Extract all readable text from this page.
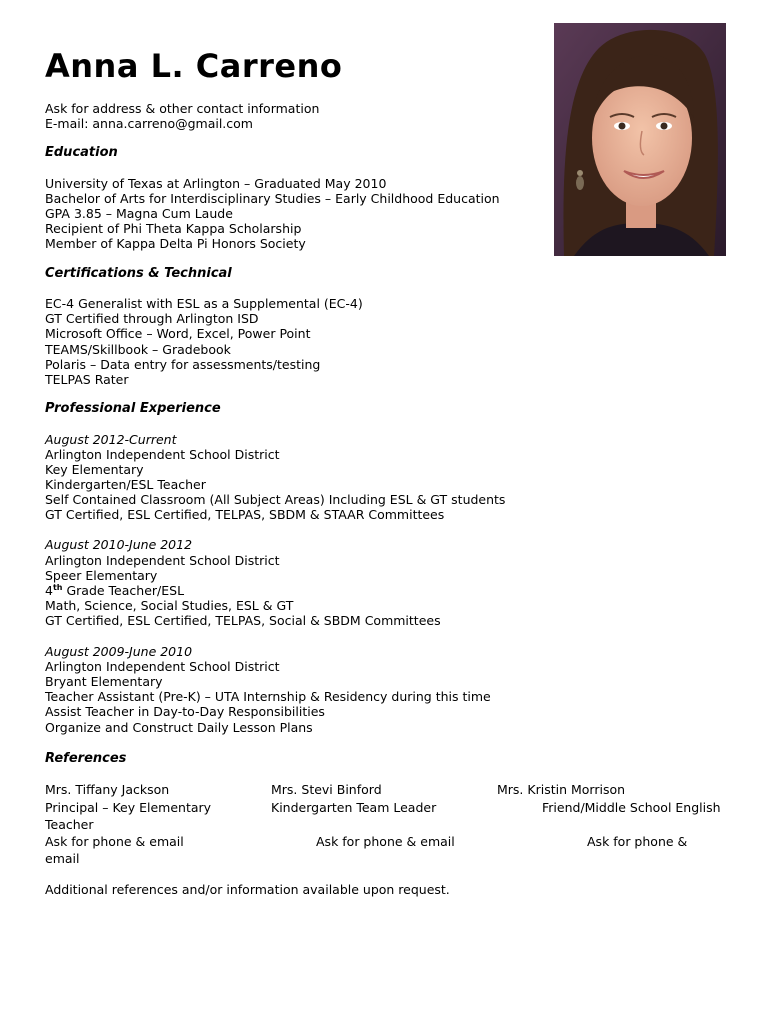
Anna L. Carreno
Ask for address & other contact information
E-mail: anna.carreno@gmail.com
Education
University of Texas at Arlington – Graduated May 2010
Bachelor of Arts for Interdisciplinary Studies – Early Childhood Education
GPA 3.85 – Magna Cum Laude
Recipient of Phi Theta Kappa Scholarship
Member of Kappa Delta Pi Honors Society
Certifications & Technical
EC-4 Generalist with ESL as a Supplemental (EC-4)
GT Certified through Arlington ISD
Microsoft Office – Word, Excel, Power Point
TEAMS/Skillbook – Gradebook
Polaris – Data entry for assessments/testing
TELPAS Rater
Professional Experience
August 2012-Current
Arlington Independent School District
Key Elementary
Kindergarten/ESL Teacher
Self Contained Classroom (All Subject Areas) Including ESL & GT students
GT Certified, ESL Certified, TELPAS, SBDM & STAAR Committees
August 2010-June 2012
Arlington Independent School District
Speer Elementary
4th Grade Teacher/ESL
Math, Science, Social Studies, ESL & GT
GT Certified, ESL Certified, TELPAS, Social & SBDM Committees
August 2009-June 2010
Arlington Independent School District
Bryant Elementary
Teacher Assistant (Pre-K) – UTA Internship & Residency during this time
Assist Teacher in Day-to-Day Responsibilities
Organize and Construct Daily Lesson Plans
References
Mrs. Tiffany Jackson	Mrs. Stevi Binford	Mrs. Kristin Morrison
Principal – Key Elementary	Kindergarten Team Leader	Friend/Middle School English
Teacher
Ask for phone & email	Ask for phone & email	Ask for phone &
email
Additional references and/or information available upon request.
